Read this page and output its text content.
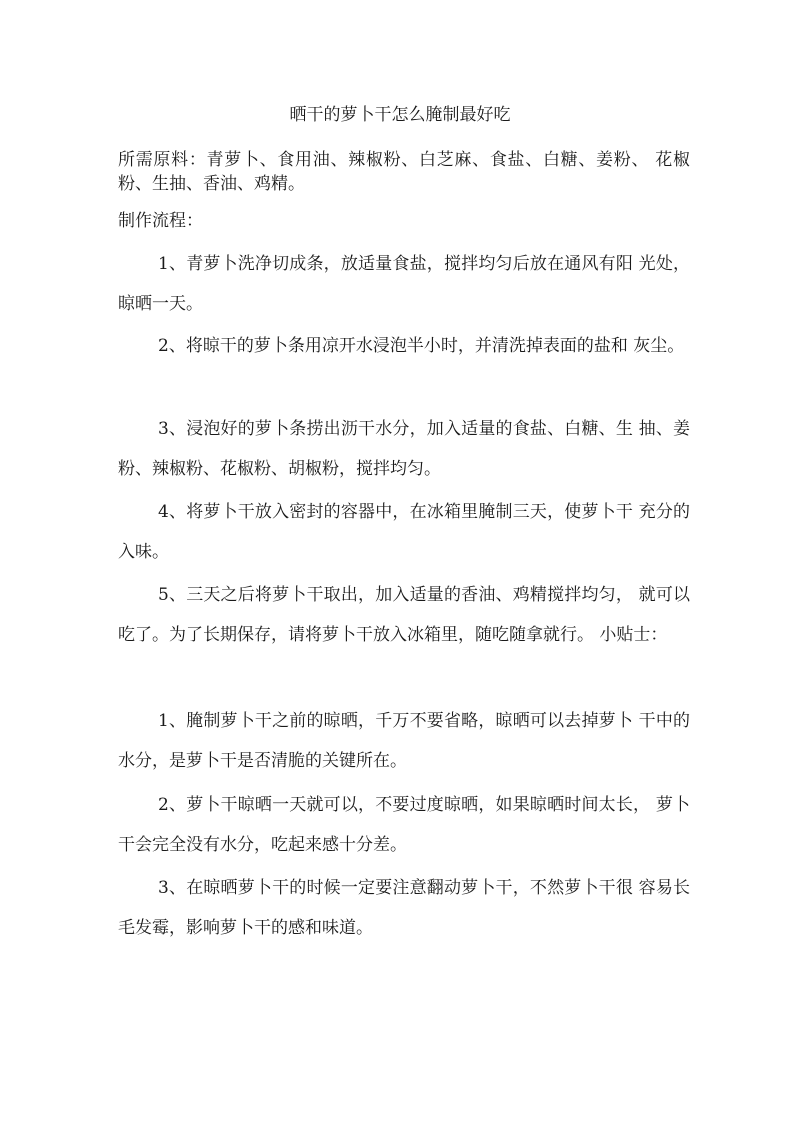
晒干的萝卜干怎么腌制最好吃
所需原料：青萝卜、食用油、辣椒粉、白芝麻、食盐、白糖、姜粉、 花椒粉、生抽、香油、鸡精。
制作流程：
1、青萝卜洗净切成条，放适量食盐，搅拌均匀后放在通风有阳 光处，晾晒一天。
2、将晾干的萝卜条用凉开水浸泡半小时，并清洗掉表面的盐和 灰尘。
3、浸泡好的萝卜条捞出沥干水分，加入适量的食盐、白糖、生 抽、姜粉、辣椒粉、花椒粉、胡椒粉，搅拌均匀。
4、将萝卜干放入密封的容器中，在冰箱里腌制三天，使萝卜干 充分的入味。
5、三天之后将萝卜干取出，加入适量的香油、鸡精搅拌均匀， 就可以吃了。为了长期保存，请将萝卜干放入冰箱里，随吃随拿就行。 小贴士：
1、腌制萝卜干之前的晾晒，千万不要省略，晾晒可以去掉萝卜 干中的水分，是萝卜干是否清脆的关键所在。
2、萝卜干晾晒一天就可以，不要过度晾晒，如果晾晒时间太长， 萝卜干会完全没有水分，吃起来感十分差。
3、在晾晒萝卜干的时候一定要注意翻动萝卜干，不然萝卜干很 容易长毛发霉，影响萝卜干的感和味道。
